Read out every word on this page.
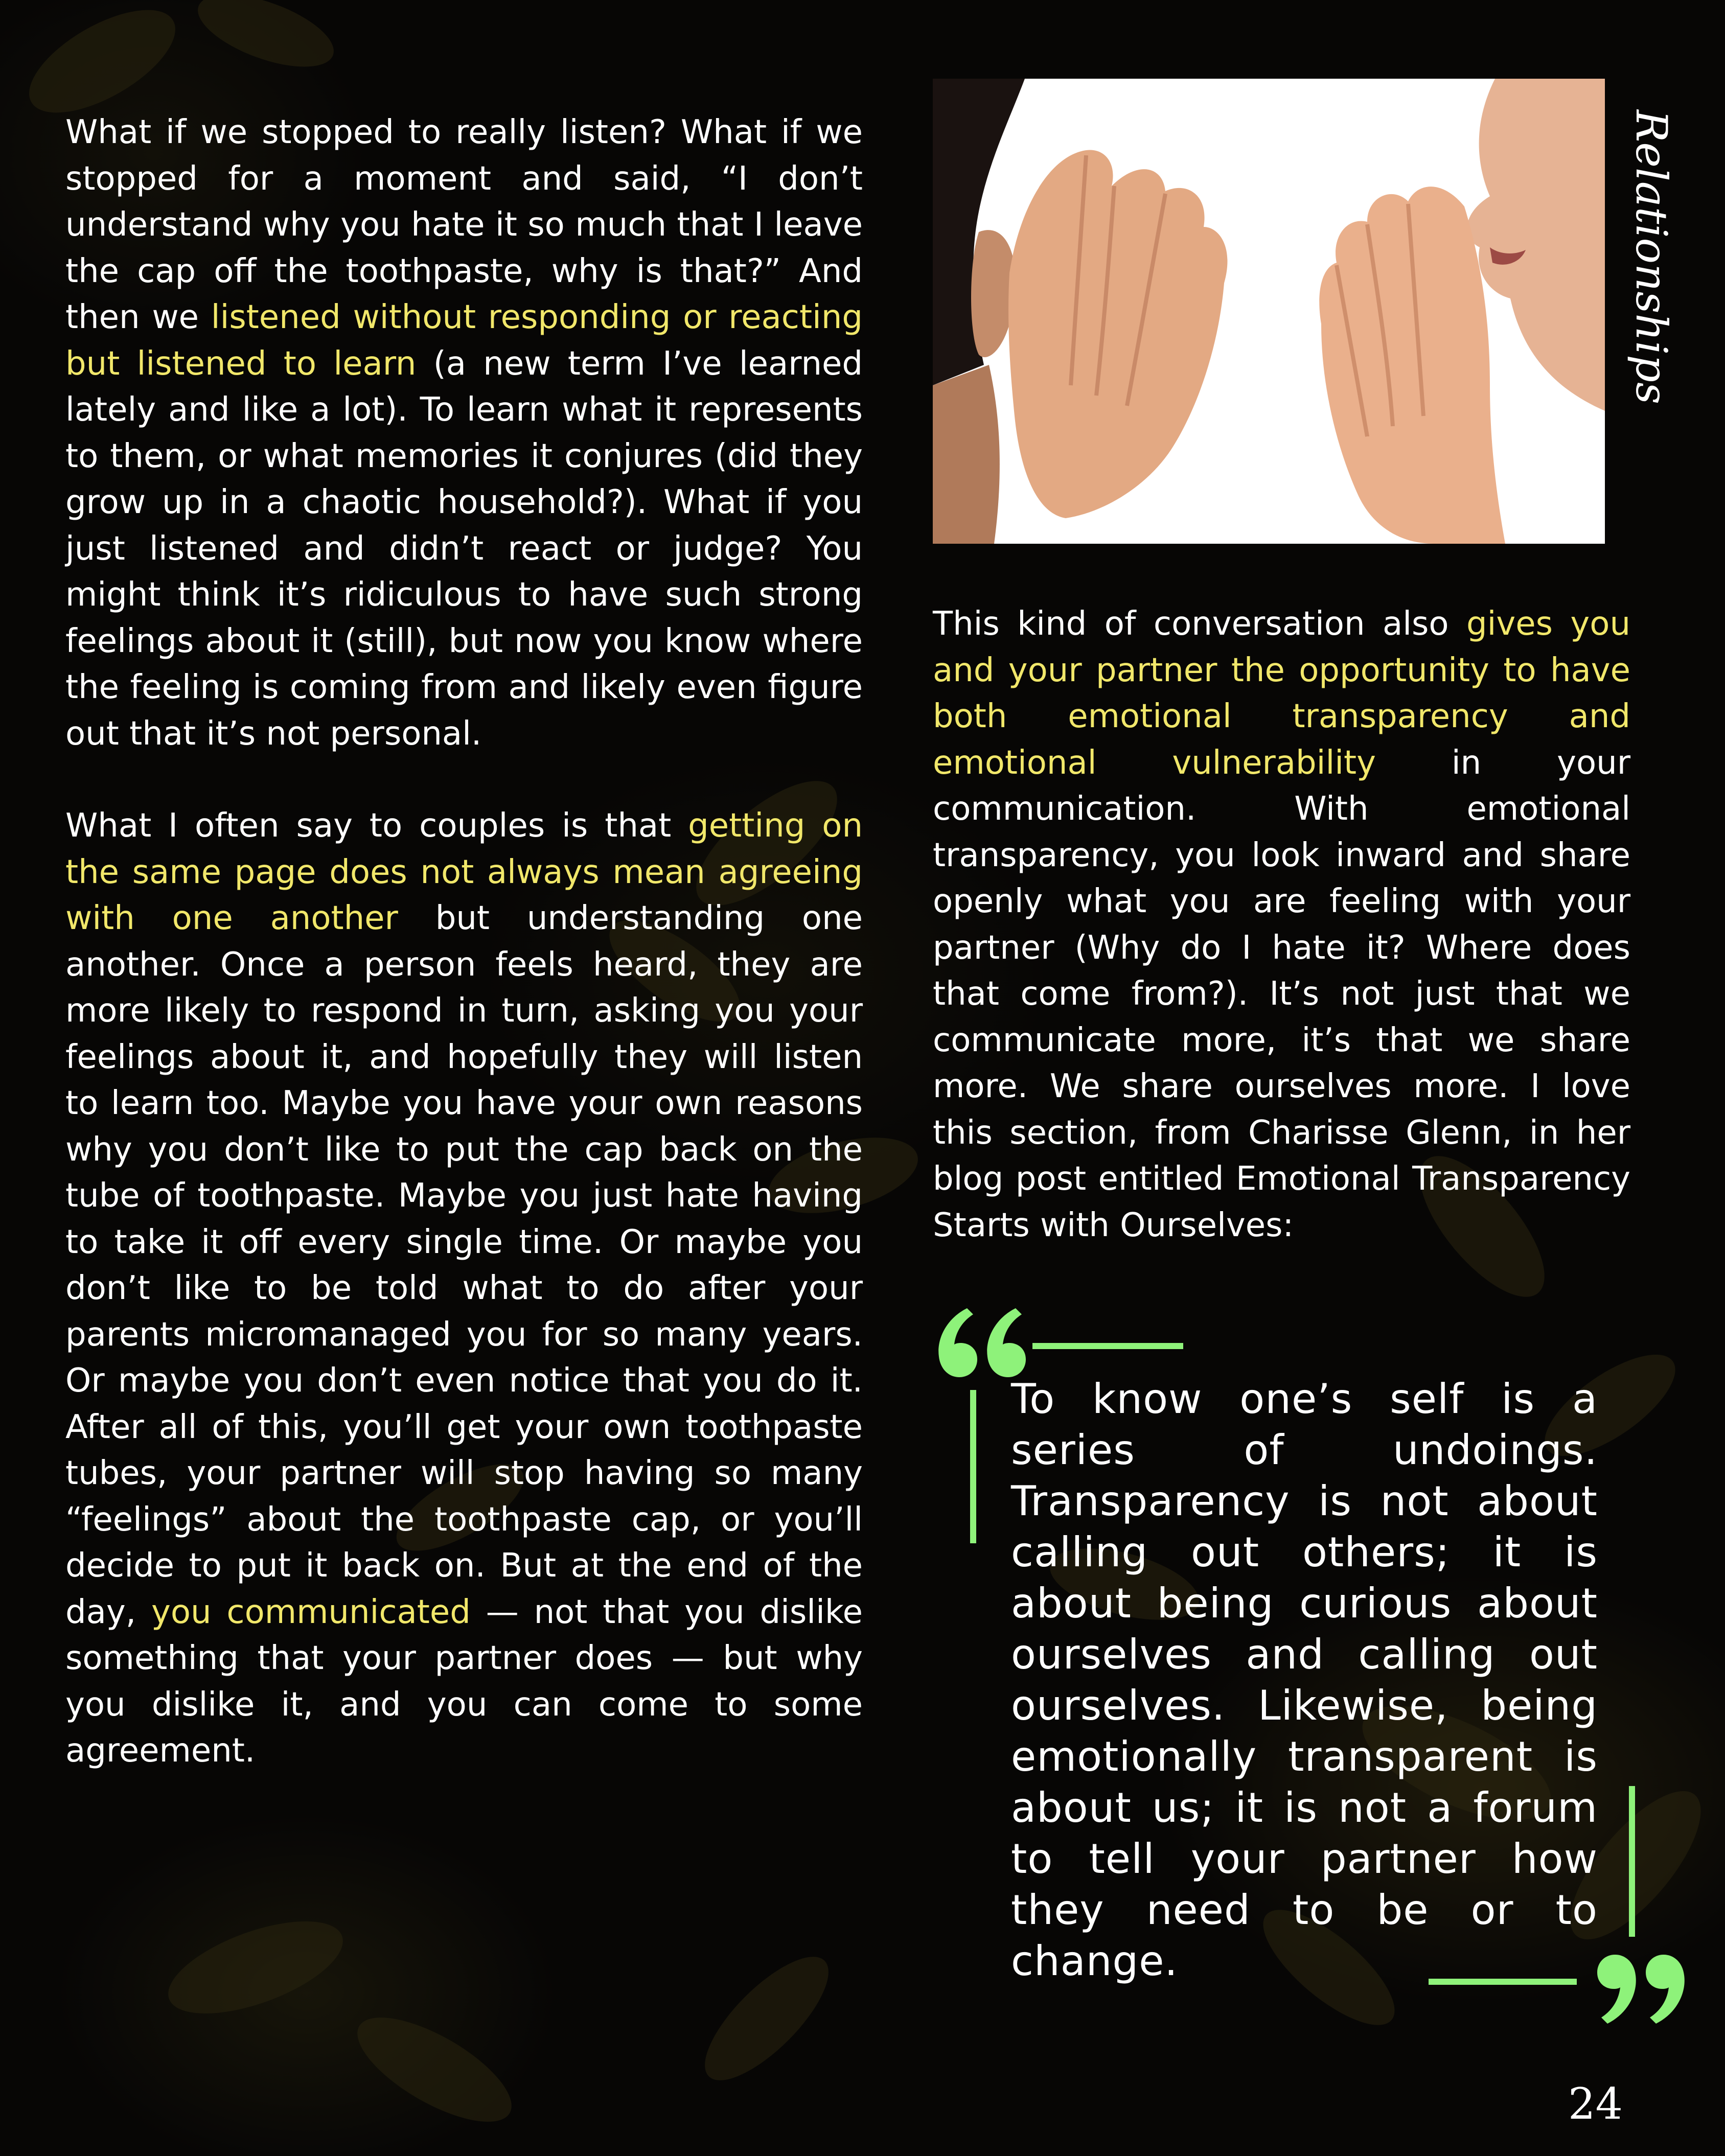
What if we stopped to really listen? What if we stopped for a moment and said, “I don’t understand why you hate it so much that I leave the cap off the toothpaste, why is that?” And then we listened without responding or reacting but listened to learn (a new term I’ve learned lately and like a lot). To learn what it represents to them, or what memories it conjures (did they grow up in a chaotic household?). What if you just listened and didn’t react or judge? You might think it’s ridiculous to have such strong feelings about it (still), but now you know where the feeling is coming from and likely even figure out that it’s not personal.

What I often say to couples is that getting on the same page does not always mean agreeing with one another but understanding one another. Once a person feels heard, they are more likely to respond in turn, asking you your feelings about it, and hopefully they will listen to learn too. Maybe you have your own reasons why you don’t like to put the cap back on the tube of toothpaste. Maybe you just hate having to take it off every single time. Or maybe you don’t like to be told what to do after your parents micromanaged you for so many years. Or maybe you don’t even notice that you do it. After all of this, you’ll get your own toothpaste tubes, your partner will stop having so many “feelings” about the toothpaste cap, or you’ll decide to put it back on. But at the end of the day, you communicated — not that you dislike something that your partner does — but why you dislike it, and you can come to some agreement.

Relationships

This kind of conversation also gives you and your partner the opportunity to have both emotional transparency and emotional vulnerability in your communication. With emotional transparency, you look inward and share openly what you are feeling with your partner (Why do I hate it? Where does that come from?). It’s not just that we communicate more, it’s that we share more. We share ourselves more. I love this section, from Charisse Glenn, in her blog post entitled Emotional Transparency Starts with Ourselves:

To know one’s self is a series of undoings. Transparency is not about calling out others; it is about being curious about ourselves and calling out ourselves. Likewise, being emotionally transparent is about us; it is not a forum to tell your partner how they need to be or to change.
24
